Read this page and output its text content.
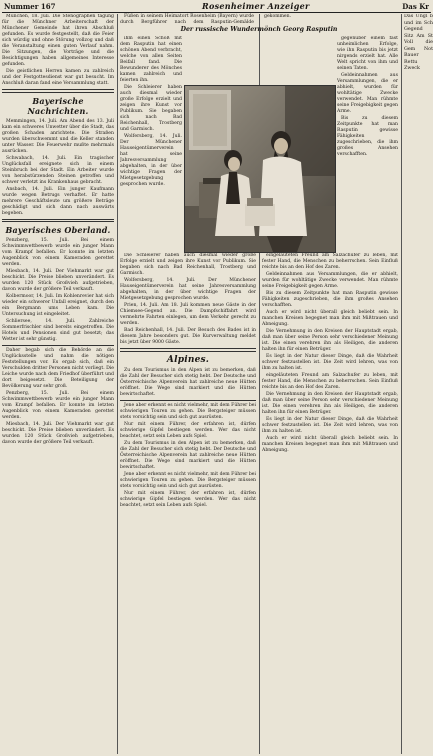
Nummer 167	Rosenheimer Anzeiger	Das Kr

München, 18. Juli. Die Stenographen tagung für die Münchner Arbeiterschaft der Münchener Gemeinde hat ihren Abschluß gefunden. Es wurde festgestellt, daß die Feier sich würdig und ohne Störung vollzog und daß die Veranstaltung einen guten Verlauf nahm. Die Sitzungen, die Vorträge und die Besichtigungen haben allgemeines Interesse gefunden.

Die geistlichen Herren kamen zu zahlreich und der Festgottesdienst war gut besucht. Im Anschluß daran fand eine Versammlung statt.

Bayerische Nachrichten.

Memmingen, 14. Juli. Am Abend des 13. Juli kam ein schweres Unwetter über die Stadt, das großen Schaden anrichtete. Die Straßen wurden überschwemmt und die Keller standen unter Wasser. Die Feuerwehr mußte mehrmals ausrücken.

Schwabach, 14. Juli. Ein tragischer Unglücksfall ereignete sich in einem Steinbruch bei der Stadt. Ein Arbeiter wurde von herabstürzenden Steinen getroffen und schwer verletzt ins Krankenhaus gebracht.

Ansbach, 14. Juli. Ein junger Kaufmann wurde wegen Betrugs verhaftet. Er hatte mehrere Geschäftsleute um größere Beträge geschädigt und sich dann nach auswärts begeben.

Bayerisches Oberland.

Penzberg, 15. Juli. Bei einem Schwimmwettbewerb wurde ein junger Mann vom Krampf befallen. Er konnte im letzten Augenblick von einem Kameraden gerettet werden.

Miesbach, 14. Juli. Der Viehmarkt war gut beschickt. Die Preise blieben unverändert. Es wurden 120 Stück Großvieh aufgetrieben, davon wurde der größere Teil verkauft.

Kolbermoor, 14. Juli. Im Kohlenrevier hat sich wieder ein schwerer Unfall ereignet, durch den ein Bergmann ums Leben kam. Die Untersuchung ist eingeleitet.

Schliersee, 14. Juli. Zahlreiche Sommerfrischler sind bereits eingetroffen. Die Hotels und Pensionen sind gut besetzt; das Wetter ist sehr günstig.

Daher begab sich die Behörde an die Unglücksstelle und nahm die nötigen Feststellungen vor. Es ergab sich, daß ein Verschulden dritter Personen nicht vorliegt. Die Leiche wurde nach dem Friedhof überführt und dort beigesetzt. Die Beteiligung der Bevölkerung war sehr groß.

Penzberg, 15. Juli. Bei einem Schwimmwettbewerb wurde ein junger Mann vom Krampf befallen. Er konnte im letzten Augenblick von einem Kameraden gerettet werden.

Miesbach, 14. Juli. Der Viehmarkt war gut beschickt. Die Preise blieben unverändert. Es wurden 120 Stück Großvieh aufgetrieben, davon wurde der größere Teil verkauft.

Füßen in seinem Heimatort Rosenheim (Bayern) wurde durch Bergführer nach dem Rasputin-Gemälde gekommen.

Der russische Wundermönch Georg Rasputin

ihm einen Schoß mit dem Rasputin hat einen schönen Abend verbracht, welche von allen Seiten Beifall fand. Die Bewunderer des Mönches kamen zahlreich und feierten ihn.

Die Schleierer haben auch diesmal wieder große Erfolge erzielt und zeigen ihre Kunst vor Publikum. Sie begaben sich nach Bad Reichenhall, Trostberg und Garmisch.

Wolfersberg, 14. Juli. Der Münchener Hauseigentümerverein hat seine Jahresversammlung abgehalten, in der über wichtige Fragen der Mietgesetzgebung gesprochen wurde.

gegenüber einem fast unheimlichen Erfolge, wie ihn Rasputin bis jetzt nirgends erzielt hat. Alle Welt spricht von ihm und seinen Taten.

Geldeinnahmen aus Versammlungen, die er abhielt, wurden für wohltätige Zwecke verwendet. Man rühmte seine Freigebigkeit gegen Arme.

Bis zu diesem Zeitpunkte hat man Rasputin gewisse Fähigkeiten zugeschrieben, die ihm großes Ansehen verschafften.

Die Schleierer haben auch diesmal wieder große Erfolge erzielt und zeigen ihre Kunst vor Publikum. Sie begaben sich nach Bad Reichenhall, Trostberg und Garmisch.

Wolfersberg, 14. Juli. Der Münchener Hauseigentümerverein hat seine Jahresversammlung abgehalten, in der über wichtige Fragen der Mietgesetzgebung gesprochen wurde.

Prien, 14. Juli. Am 18. Juli kommen neue Gäste in der Chiemsee-Gegend an. Die Dampfschiffahrt wird vermehrte Fahrten einlegen, um dem Verkehr gerecht zu werden.

Bad Reichenhall, 14. Juli. Der Besuch des Bades ist in diesem Jahre besonders gut. Die Kurverwaltung meldet bis jetzt über 9000 Gäste.

Alpines.

Zu dem Tourismus in den Alpen ist zu bemerken, daß die Zahl der Besucher sich stetig hebt. Der Deutsche und Österreichische Alpenverein hat zahlreiche neue Hütten eröffnet. Die Wege sind markiert und die Hütten bewirtschaftet.

Jene aber erkennt es nicht vielmehr, mit dem Führer bei schwierigen Touren zu gehen. Die Bergsteiger müssen stets vorsichtig sein und sich gut ausrüsten.

Nur mit einem Führer, der erfahren ist, dürfen schwierige Gipfel bestiegen werden. Wer das nicht beachtet, setzt sein Leben aufs Spiel.

Zu dem Tourismus in den Alpen ist zu bemerken, daß die Zahl der Besucher sich stetig hebt. Der Deutsche und Österreichische Alpenverein hat zahlreiche neue Hütten eröffnet. Die Wege sind markiert und die Hütten bewirtschaftet.

Jene aber erkennt es nicht vielmehr, mit dem Führer bei schwierigen Touren zu gehen. Die Bergsteiger müssen stets vorsichtig sein und sich gut ausrüsten.

Nur mit einem Führer, der erfahren ist, dürfen schwierige Gipfel bestiegen werden. Wer das nicht beachtet, setzt sein Leben aufs Spiel.

eingeläuteten Freund am Salzachufer zu leben, mit fester Hand, die Menschen zu beherrschen. Sein Einfluß reichte bis an den Hof des Zaren.

Geldeinnahmen aus Versammlungen, die er abhielt, wurden für wohltätige Zwecke verwendet. Man rühmte seine Freigebigkeit gegen Arme.

Bis zu diesem Zeitpunkte hat man Rasputin gewisse Fähigkeiten zugeschrieben, die ihm großes Ansehen verschafften.

Auch er wird nicht überall gleich beliebt sein. In manchen Kreisen begegnet man ihm mit Mißtrauen und Abneigung.

Die Vernehmung in den Kreisen der Hauptstadt ergab, daß man über seine Person sehr verschiedener Meinung ist. Die einen verehren ihn als Heiligen, die anderen halten ihn für einen Betrüger.

Es liegt in der Natur dieser Dinge, daß die Wahrheit schwer festzustellen ist. Die Zeit wird lehren, was von ihm zu halten ist.

eingeläuteten Freund am Salzachufer zu leben, mit fester Hand, die Menschen zu beherrschen. Sein Einfluß reichte bis an den Hof des Zaren.

Die Vernehmung in den Kreisen der Hauptstadt ergab, daß man über seine Person sehr verschiedener Meinung ist. Die einen verehren ihn als Heiligen, die anderen halten ihn für einen Betrüger.

Es liegt in der Natur dieser Dinge, daß die Wahrheit schwer festzustellen ist. Die Zeit wird lehren, was von ihm zu halten ist.

Auch er wird nicht überall gleich beliebt sein. In manchen Kreisen begegnet man ihm mit Mißtrauen und Abneigung.

Das Ungl b und im Sch Gegend Sitz Am St Voll die Gem Not Bauer Rettu Zweck
